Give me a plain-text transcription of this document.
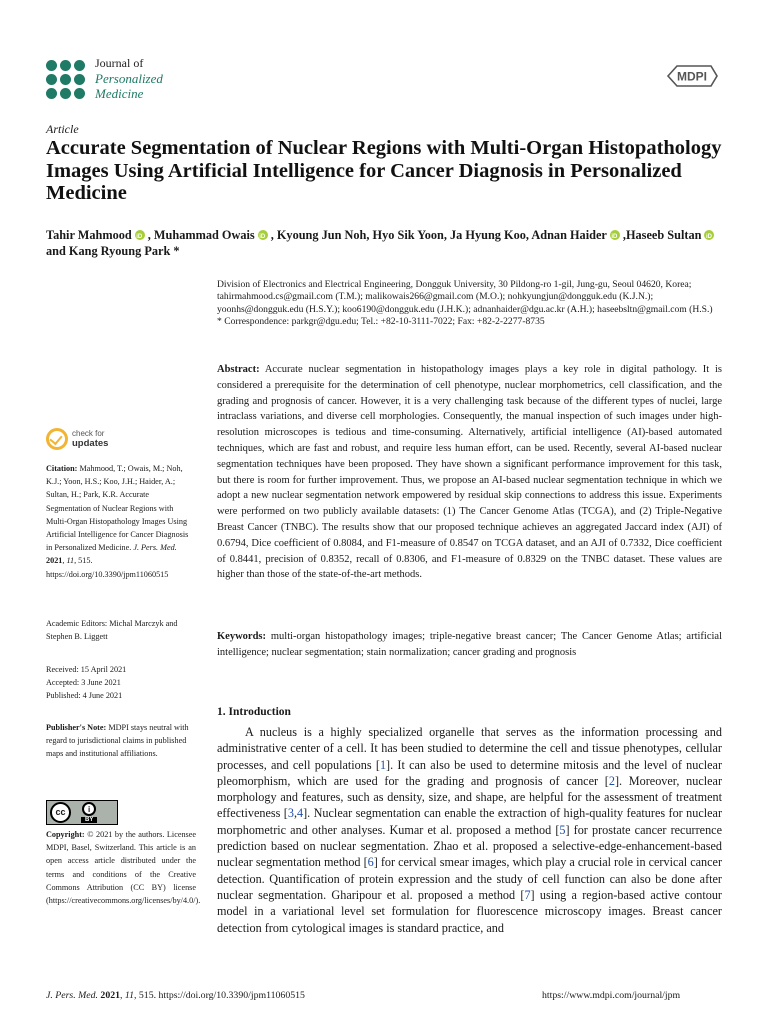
Journal of
Personalized
Medicine
MDPI
Article
Accurate Segmentation of Nuclear Regions with Multi-Organ Histopathology Images Using Artificial Intelligence for Cancer Diagnosis in Personalized Medicine
Tahir Mahmood iD , Muhammad Owais iD , Kyoung Jun Noh, Hyo Sik Yoon, Ja Hyung Koo, Adnan Haider iD ,Haseeb SultaniD and Kang Ryoung Park *
Division of Electronics and Electrical Engineering, Dongguk University, 30 Pildong-ro 1-gil, Jung-gu, Seoul 04620, Korea; tahirmahmood.cs@gmail.com (T.M.); malikowais266@gmail.com (M.O.); nohkyungjun@dongguk.edu (K.J.N.); yoonhs@dongguk.edu (H.S.Y.); koo6190@dongguk.edu (J.H.K.); adnanhaider@dgu.ac.kr (A.H.); haseebsltn@gmail.com (H.S.)
* Correspondence: parkgr@dgu.edu; Tel.: +82-10-3111-7022; Fax: +82-2-2277-8735
Abstract: Accurate nuclear segmentation in histopathology images plays a key role in digital pathology. It is considered a prerequisite for the determination of cell phenotype, nuclear morphometrics, cell classification, and the grading and prognosis of cancer. However, it is a very challenging task because of the different types of nuclei, large intraclass variations, and diverse cell morphologies. Consequently, the manual inspection of such images under high-resolution microscopes is tedious and time-consuming. Alternatively, artificial intelligence (AI)-based automated techniques, which are fast and robust, and require less human effort, can be used. Recently, several AI-based nuclear segmentation techniques have been proposed. They have shown a significant performance improvement for this task, but there is room for further improvement. Thus, we propose an AI-based nuclear segmentation technique in which we adopt a new nuclear segmentation network empowered by residual skip connections to address this issue. Experiments were performed on two publicly available datasets: (1) The Cancer Genome Atlas (TCGA), and (2) Triple-Negative Breast Cancer (TNBC). The results show that our proposed technique achieves an aggregated Jaccard index (AJI) of 0.6794, Dice coefficient of 0.8084, and F1-measure of 0.8547 on TCGA dataset, and an AJI of 0.7332, Dice coefficient of 0.8441, precision of 0.8352, recall of 0.8306, and F1-measure of 0.8329 on the TNBC dataset. These values are higher than those of the state-of-the-art methods.
Keywords: multi-organ histopathology images; triple-negative breast cancer; The Cancer Genome Atlas; artificial intelligence; nuclear segmentation; stain normalization; cancer grading and prognosis
check for
updates
Citation: Mahmood, T.; Owais, M.; Noh, K.J.; Yoon, H.S.; Koo, J.H.; Haider, A.; Sultan, H.; Park, K.R. Accurate Segmentation of Nuclear Regions with Multi-Organ Histopathology Images Using Artificial Intelligence for Cancer Diagnosis in Personalized Medicine. J. Pers. Med. 2021, 11, 515. https://doi.org/10.3390/jpm11060515
Academic Editors: Michal Marczyk and Stephen B. Liggett
Received: 15 April 2021
Accepted: 3 June 2021
Published: 4 June 2021
Publisher's Note: MDPI stays neutral with regard to jurisdictional claims in published maps and institutional affiliations.
cc	i
BY
Copyright: © 2021 by the authors. Licensee MDPI, Basel, Switzerland. This article is an open access article distributed under the terms and conditions of the Creative Commons Attribution (CC BY) license (https://creativecommons.org/licenses/by/4.0/).
1. Introduction

A nucleus is a highly specialized organelle that serves as the information processing and administrative center of a cell. It has been studied to determine the cell and tissue phenotypes, cellular processes, and cell populations [1]. It can also be used to determine mitosis and the level of nuclear pleomorphism, which are used for the grading and prognosis of cancer [2]. Moreover, nuclear morphology and features, such as density, size, and shape, are helpful for the assessment of treatment effectiveness [3,4]. Nuclear segmentation can enable the extraction of high-quality features for nuclear morphometric and other analyses. Kumar et al. proposed a method [5] for prostate cancer recurrence prediction based on nuclear segmentation. Zhao et al. proposed a selective-edge-enhancement-based nuclear segmentation method [6] for cervical smear images, which play a crucial role in cervical cancer detection. Quantification of protein expression and the study of cell function can also be done after nuclear segmentation. Gharipour et al. proposed a method [7] using a region-based active contour model in a variational level set formulation for fluorescence microscopy images. Breast cancer detection from cytological images is standard practice, and

J. Pers. Med. 2021, 11, 515. https://doi.org/10.3390/jpm11060515	https://www.mdpi.com/journal/jpm
